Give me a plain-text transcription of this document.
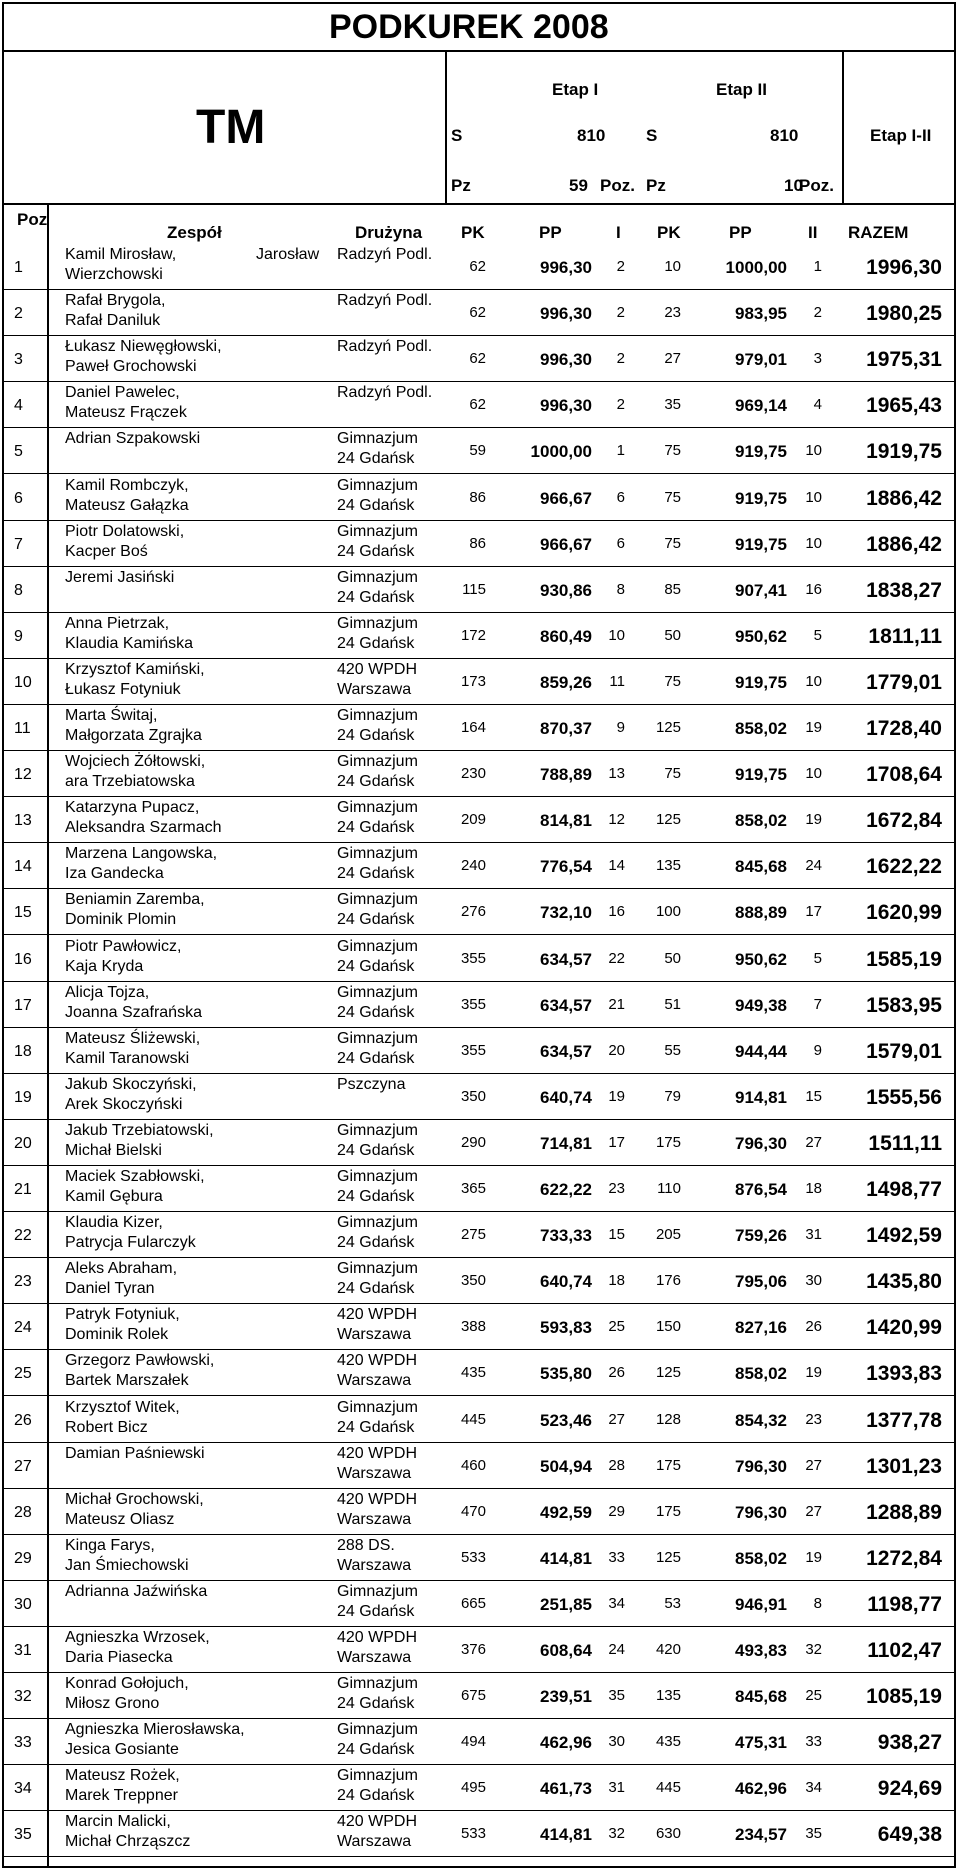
PODKUREK 2008
TM
Etap I	Etap II
Etap I-II
S	810 S	810
Pz	59 Poz. Pz	10
Poz.
Poz
Zespół	Drużyna PK	PP	I PK	PP	II RAZEM
1
Kamil Mirosław,	Jarosław
Wierzchowski
Radzyń Podl.
62	996,30 2	10	1000,00 1 1996,30
2
Rafał Brygola,
Rafał Daniluk
Radzyń Podl.
62	996,30 2	23	983,95 2 1980,25
3
Łukasz Niewęgłowski,
Paweł Grochowski
Radzyń Podl.
62	996,30 2	27	979,01 3 1975,31
4
Daniel Pawelec,
Mateusz Frączek
Radzyń Podl.
62	996,30 2	35	969,14 4 1965,43
5
Adrian Szpakowski	Gimnazjum
24 Gdańsk	59	1000,00 1	75	919,75 10 1919,75
6
Kamil Rombczyk,
Mateusz Gałązka
Gimnazjum
24 Gdańsk	86	966,67 6	75	919,75 10 1886,42
7
Piotr Dolatowski,
Kacper Boś
Gimnazjum
24 Gdańsk	86	966,67 6	75	919,75 10 1886,42
8
Jeremi Jasiński	Gimnazjum
24 Gdańsk	115	930,86 8	85	907,41 16 1838,27
9
Anna Pietrzak,
Klaudia Kamińska
Gimnazjum
24 Gdańsk	172	860,49 10	50	950,62 5 1811,11
10
Krzysztof Kamiński,
Łukasz Fotyniuk
420 WPDH
Warszawa	173	859,26 11	75	919,75 10 1779,01
11
Marta Świtaj,
Małgorzata Zgrajka
Gimnazjum
24 Gdańsk	164	870,37 9 125	858,02 19 1728,40
12
Wojciech Żółtowski,
ara Trzebiatowska
Gimnazjum
24 Gdańsk	230	788,89 13	75	919,75 10 1708,64
13
Katarzyna Pupacz,
Aleksandra Szarmach
Gimnazjum
24 Gdańsk	209	814,81 12 125	858,02 19 1672,84
14
Marzena Langowska,
Iza Gandecka
Gimnazjum
24 Gdańsk	240	776,54 14 135	845,68 24 1622,22
15
Beniamin Zaremba,
Dominik Plomin
Gimnazjum
24 Gdańsk	276	732,10 16 100	888,89 17 1620,99
16
Piotr Pawłowicz,
Kaja Kryda
Gimnazjum
24 Gdańsk	355	634,57 22	50	950,62 5 1585,19
17
Alicja Tojza,
Joanna Szafrańska
Gimnazjum
24 Gdańsk	355	634,57 21	51	949,38 7 1583,95
18
Mateusz Śliżewski,
Kamil Taranowski
Gimnazjum
24 Gdańsk	355	634,57 20	55	944,44 9 1579,01
19
Jakub Skoczyński,
Arek Skoczyński
Pszczyna
350	640,74 19	79	914,81 15 1555,56
20
Jakub Trzebiatowski,
Michał Bielski
Gimnazjum
24 Gdańsk	290	714,81 17 175	796,30 27 1511,11
21
Maciek Szabłowski,
Kamil Gębura
Gimnazjum
24 Gdańsk	365	622,22 23 110	876,54 18 1498,77
22
Klaudia Kizer,
Patrycja Fularczyk
Gimnazjum
24 Gdańsk	275	733,33 15 205	759,26 31 1492,59
23
Aleks Abraham,
Daniel Tyran
Gimnazjum
24 Gdańsk	350	640,74 18 176	795,06 30 1435,80
24
Patryk Fotyniuk,
Dominik Rolek
420 WPDH
Warszawa	388	593,83 25 150	827,16 26 1420,99
25
Grzegorz Pawłowski,
Bartek Marszałek
420 WPDH
Warszawa	435	535,80 26 125	858,02 19 1393,83
26
Krzysztof Witek,
Robert Bicz
Gimnazjum
24 Gdańsk	445	523,46 27 128	854,32 23 1377,78
27
Damian Paśniewski	420 WPDH
Warszawa	460	504,94 28 175	796,30 27 1301,23
28
Michał Grochowski,
Mateusz Oliasz
420 WPDH
Warszawa	470	492,59 29 175	796,30 27 1288,89
29
Kinga Farys,
Jan Śmiechowski
288 DS.
Warszawa	533	414,81 33 125	858,02 19 1272,84
30
Adrianna Jaźwińska	Gimnazjum
24 Gdańsk	665	251,85 34	53	946,91 8 1198,77
31
Agnieszka Wrzosek,
Daria Piasecka
420 WPDH
Warszawa	376	608,64 24 420	493,83 32 1102,47
32
Konrad Gołojuch,
Miłosz Grono
Gimnazjum
24 Gdańsk	675	239,51 35 135	845,68 25 1085,19
33
Agnieszka Mierosławska,
Jesica Gosiante
Gimnazjum
24 Gdańsk	494	462,96 30 435	475,31 33	938,27
34
Mateusz Rożek,
Marek Treppner
Gimnazjum
24 Gdańsk	495	461,73 31 445	462,96 34	924,69
35
Marcin Malicki,
Michał Chrząszcz
420 WPDH
Warszawa	533	414,81 32 630	234,57 35	649,38
